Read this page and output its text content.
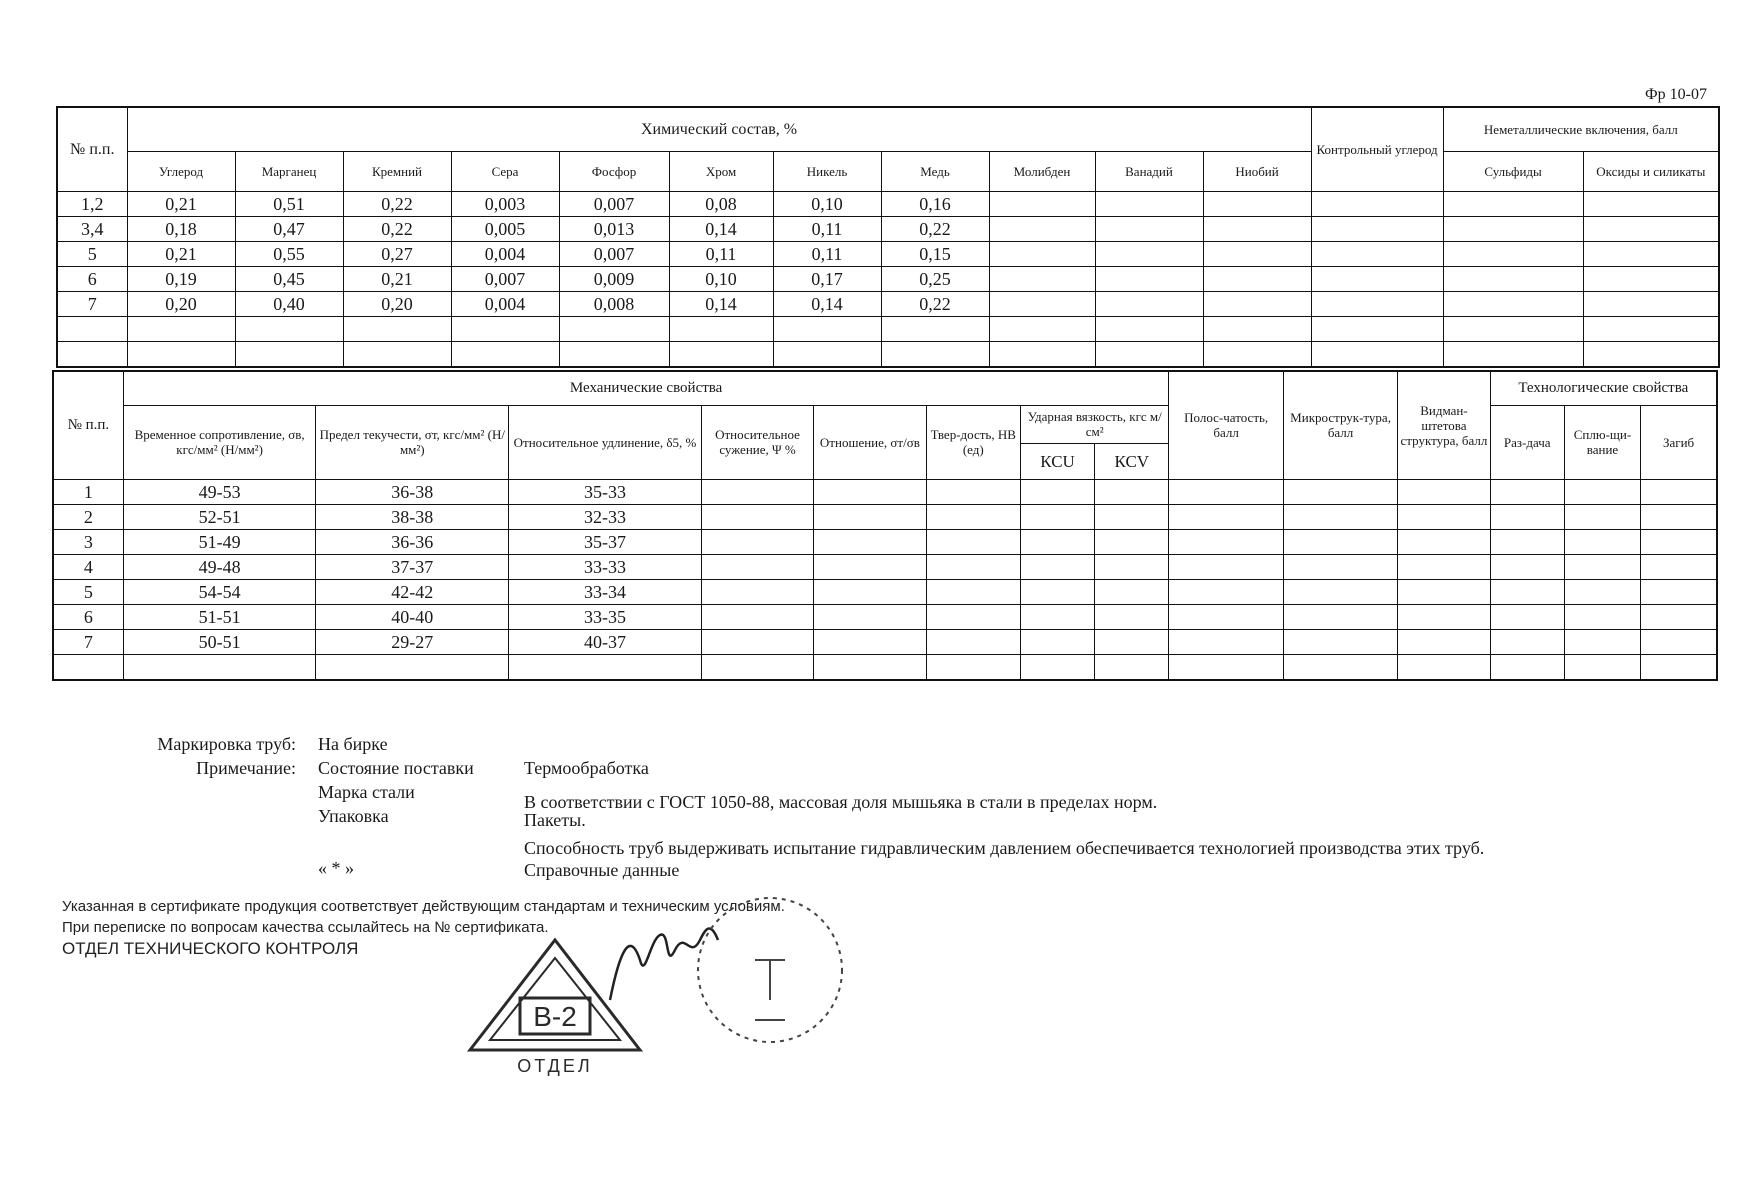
Фр 10-07
№ п.п.	Химический состав, %											Контрольный углерод	Неметаллические включения, балл	
	Углерод	Марганец	Кремний	Сера	Фосфор	Хром	Никель	Медь	Молибден	Ванадий	Ниобий		Сульфиды	Оксиды и силикаты
1,2	0,21	0,51	0,22	0,003	0,007	0,08	0,10	0,16						
3,4	0,18	0,47	0,22	0,005	0,013	0,14	0,11	0,22						
5	0,21	0,55	0,27	0,004	0,007	0,11	0,11	0,15						
6	0,19	0,45	0,21	0,007	0,009	0,10	0,17	0,25						
7	0,20	0,40	0,20	0,004	0,008	0,14	0,14	0,22						

№ п.п.	Механические свойства								Полос-чатость, балл	Микрострук-тура, балл	Видман-штетова структура, балл	Технологические свойства		
	Временное сопротивление, σв, кгс/мм² (Н/мм²)	Предел текучести, σт, кгс/мм² (Н/мм²)	Относительное удлинение, δ5, %	Относительное сужение, Ψ %	Отношение, σт/σв	Твер-дость, НВ (ед)	Ударная вязкость, кгс м/см²					Раз-дача	Сплю-щи-вание	Загиб
							КСU	КСV						
1	49-53	36-38	35-33											
2	52-51	38-38	32-33											
3	51-49	36-36	35-37											
4	49-48	37-37	33-33											
5	54-54	42-42	33-34											
6	51-51	40-40	33-35											
7	50-51	29-27	40-37											

Маркировка труб: На бирке
Примечание: Состояние поставки	Термообработка
Марка стали	В соответствии с ГОСТ 1050-88, массовая доля мышьяка в стали в пределах норм.
Упаковка	Пакеты.
Способность труб выдерживать испытание гидравлическим давлением обеспечивается технологией производства этих труб.
« * »	Справочные данные
Указанная в сертификате продукция соответствует действующим стандартам и техническим условиям.
При переписке по вопросам качества ссылайтесь на № сертификата.
ОТДЕЛ ТЕХНИЧЕСКОГО КОНТРОЛЯ
В-2
ОТДЕЛ
